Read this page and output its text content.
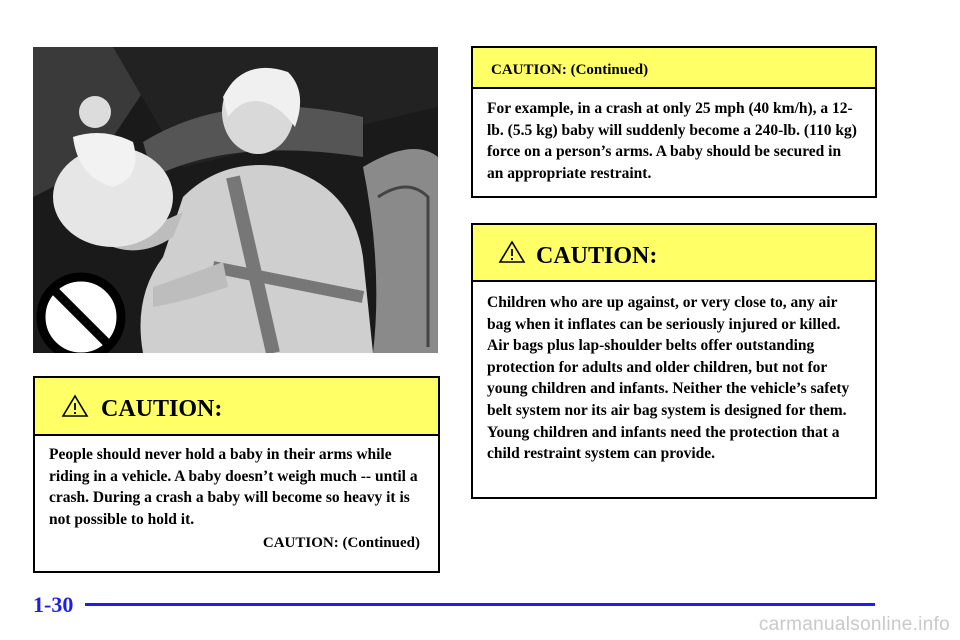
CAUTION:
People should never hold a baby in their arms while riding in a vehicle. A baby doesn’t weigh much -- until a crash. During a crash a baby will become so heavy it is not possible to hold it.
CAUTION: (Continued)
CAUTION: (Continued)
For example, in a crash at only 25 mph (40 km/h), a 12-lb. (5.5 kg) baby will suddenly become a 240-lb. (110 kg) force on a person’s arms. A baby should be secured in an appropriate restraint.
CAUTION:
Children who are up against, or very close to, any air bag when it inflates can be seriously injured or killed. Air bags plus lap-shoulder belts offer outstanding protection for adults and older children, but not for young children and infants. Neither the vehicle’s safety belt system nor its air bag system is designed for them. Young children and infants need the protection that a child restraint system can provide.
1-30
carmanualsonline.info
